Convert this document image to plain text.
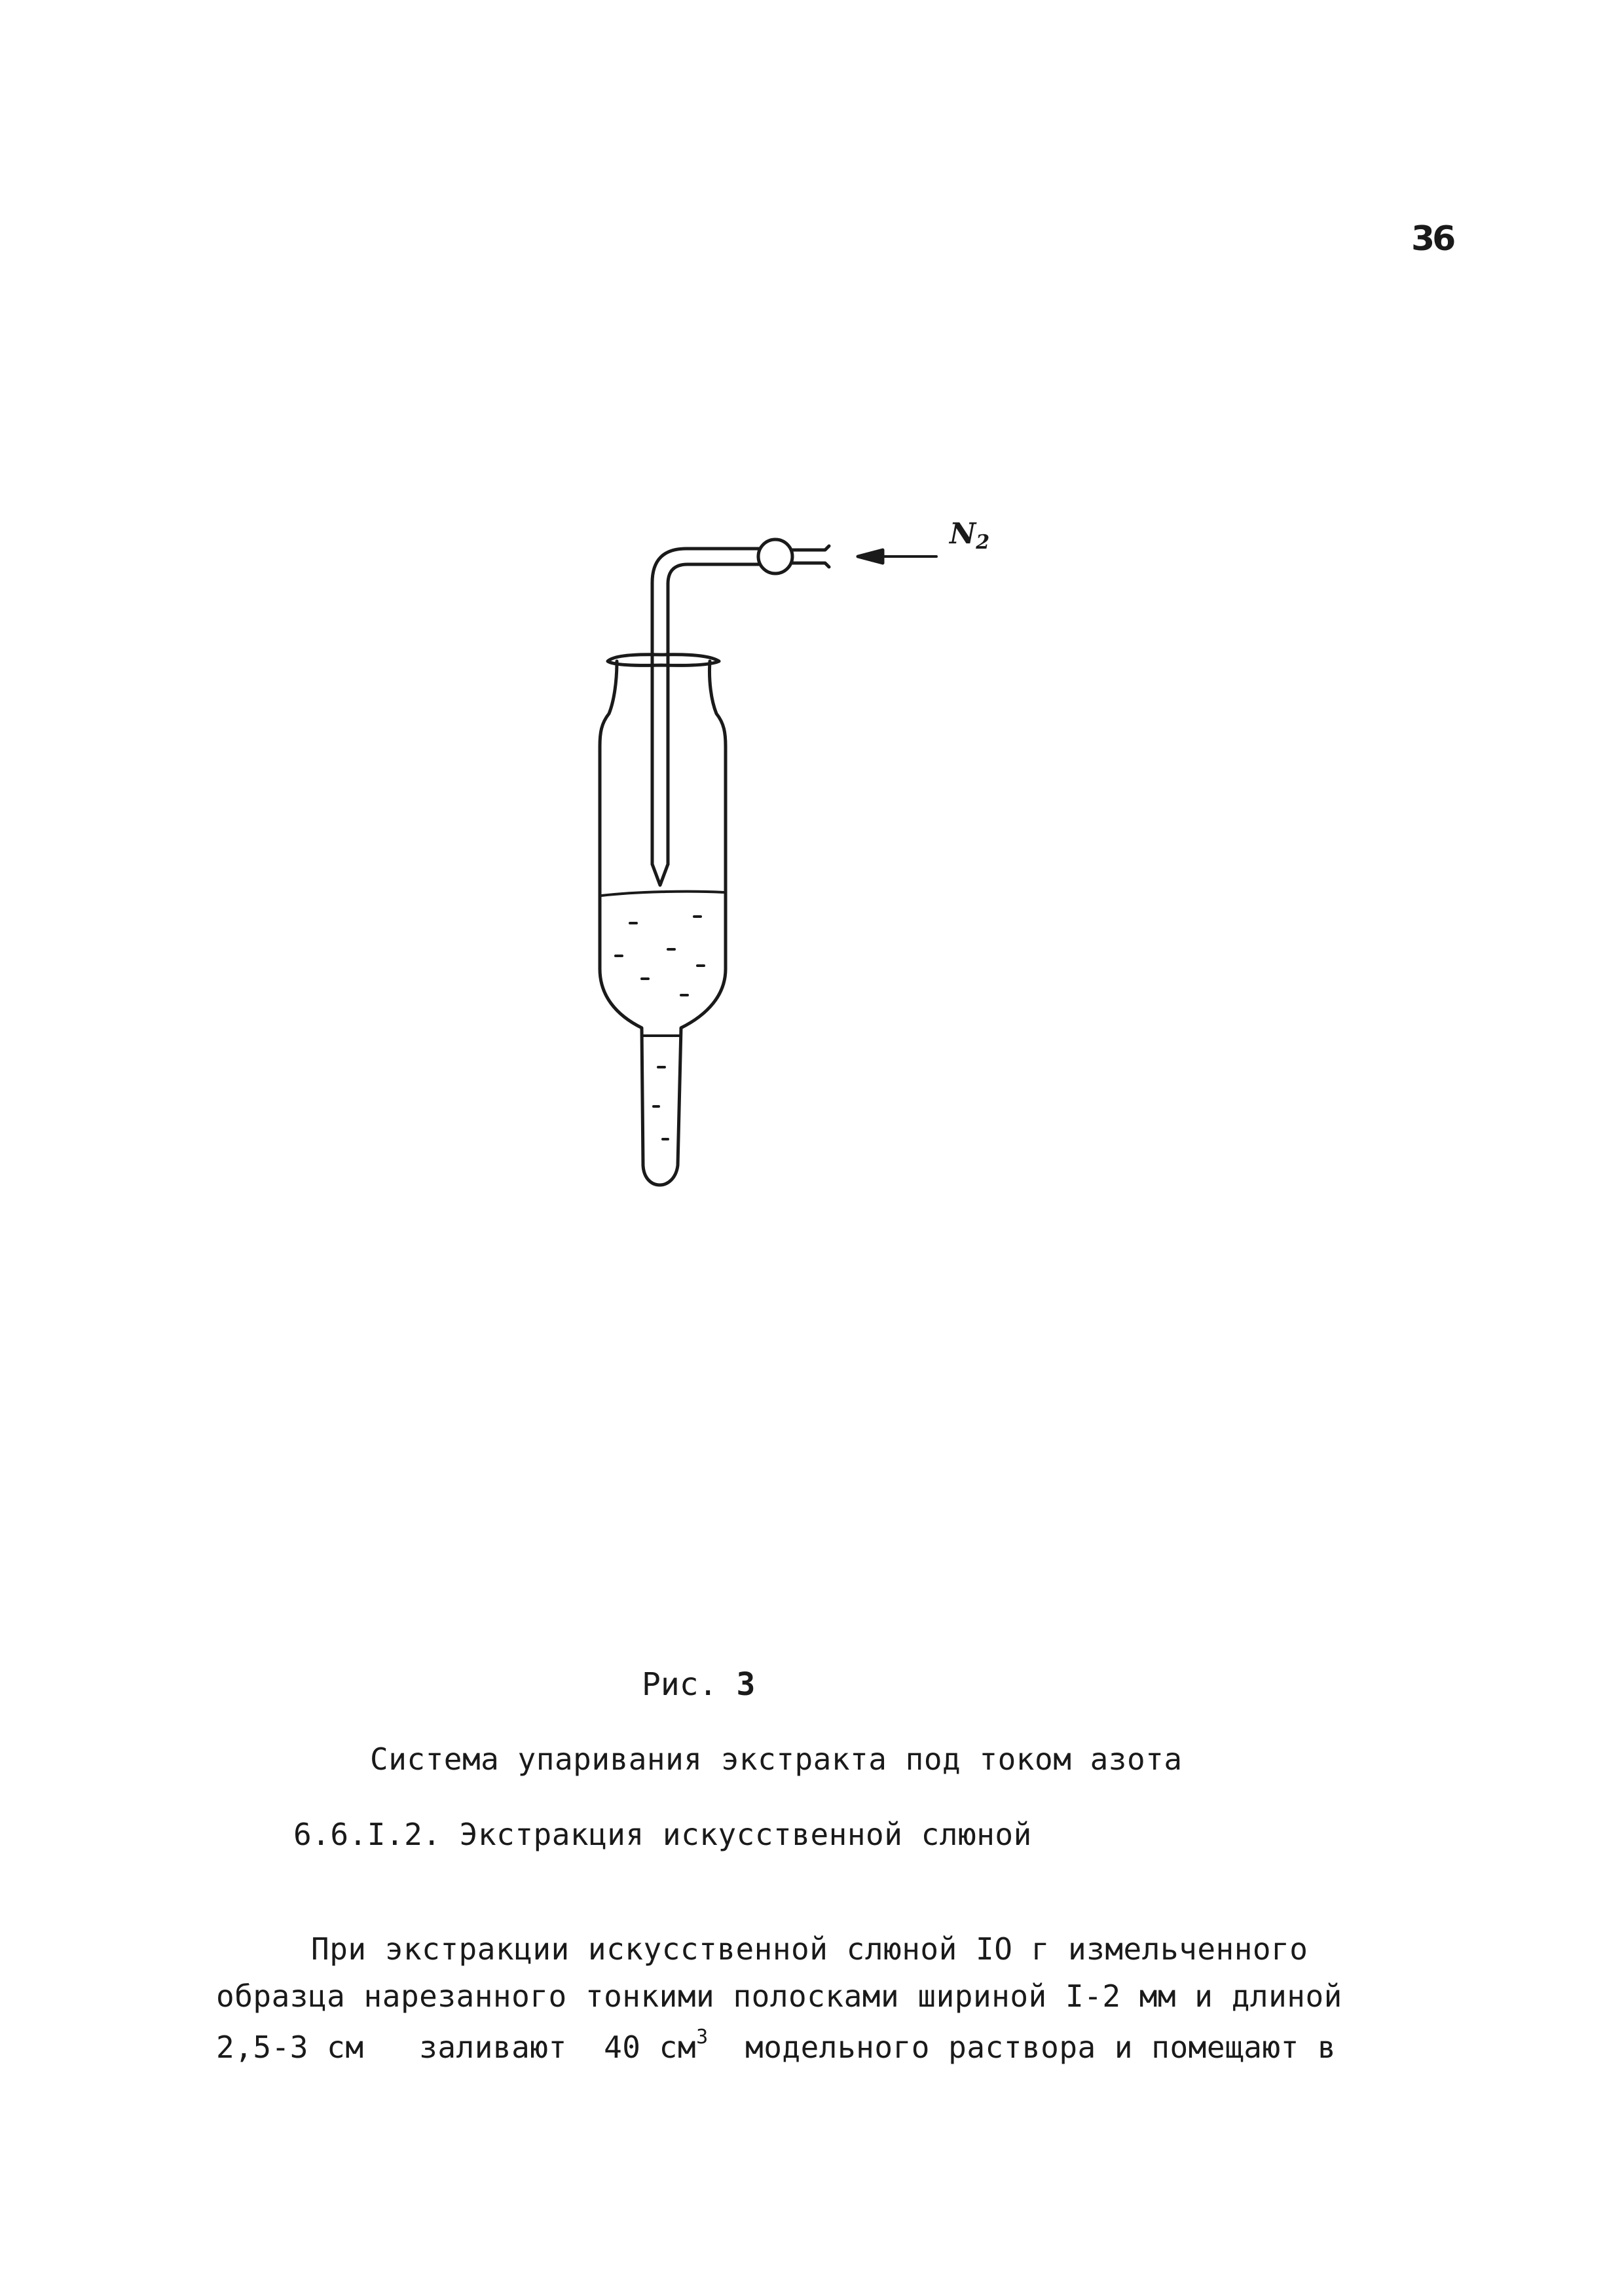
36
N2
Рис. 3
Система упаривания экстракта под током азота
6.6.I.2. Экстракция искусственной слюной
При экстракции искусственной слюной IO г измельченного
образца нарезанного тонкими полосками шириной I-2 мм и длиной
2,5-3 см   заливают  40 $см^3$  модельного раствора и помещают в
